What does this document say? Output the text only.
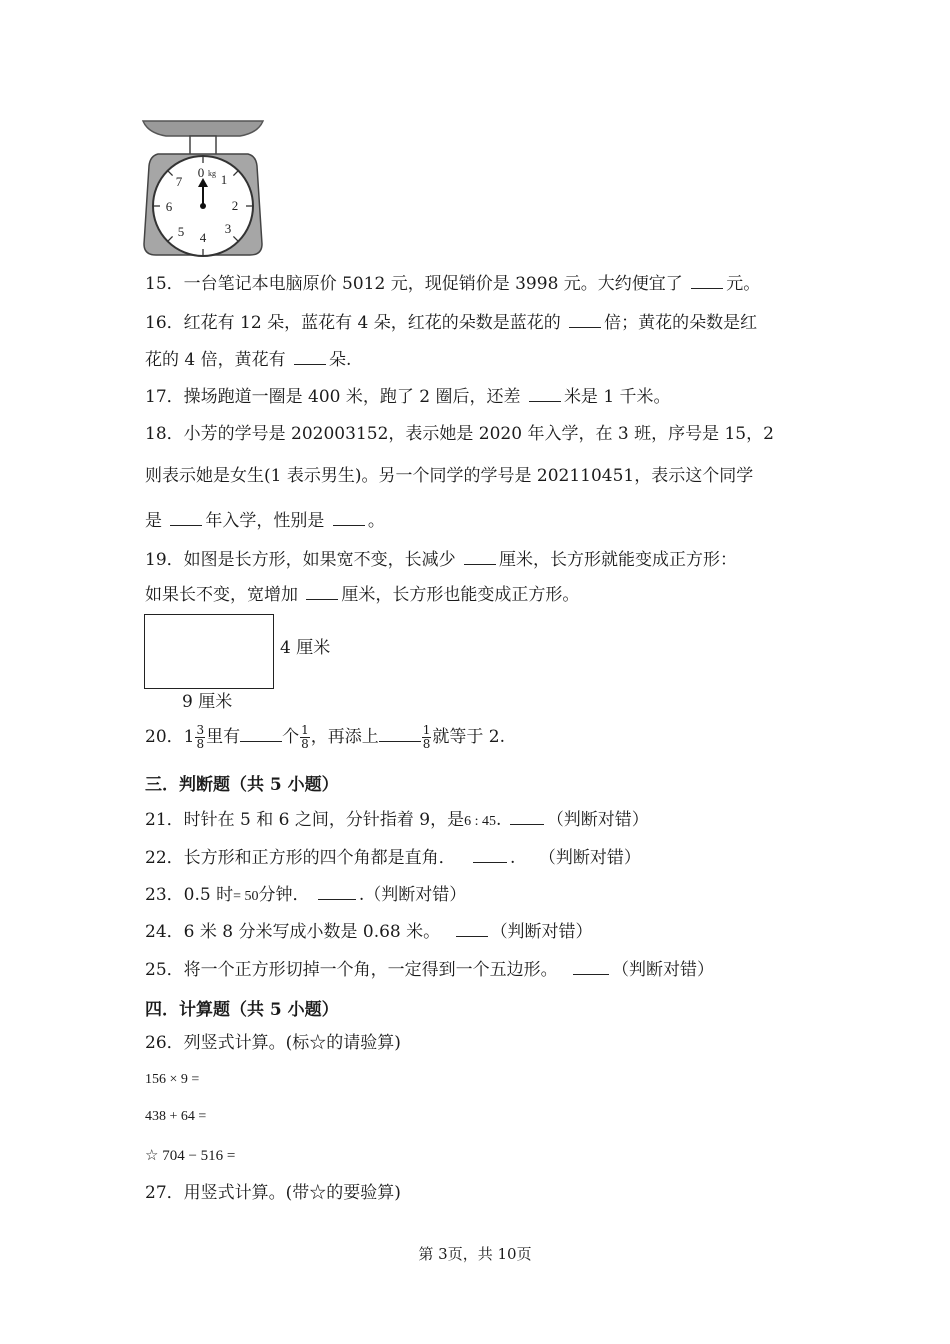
0 kg 1
2
3
4
5
6
7
15．一台笔记本电脑原价 5012 元，现促销价是 3998 元。大约便宜了	元。
16．红花有 12 朵，蓝花有 4 朵，红花的朵数是蓝花的	倍；黄花的朵数是红
花的 4 倍，黄花有	朵.
17．操场跑道一圈是 400 米，跑了 2 圈后，还差	米是 1 千米。
18．小芳的学号是 202003152，表示她是 2020 年入学，在 3 班，序号是 15，2
则表示她是女生(1 表示男生)。另一个同学的学号是 202110451，表示这个同学
是	年入学，性别是	。
19．如图是长方形，如果宽不变，长减少	厘米，长方形就能变成正方形：
如果长不变，宽增加	厘米，长方形也能变成正方形。
4 厘米
9 厘米
20．$1 \frac{3}{8}$ 里有 个 $\frac{1}{8}$ ，再添上	$\frac{1}{8}$ 就等于 2.
三．判断题（共 5 小题）
21．时针在 5 和 6 之间，分针指着 9，是6 : 45.	（判断对错）
22．长方形和正方形的四个角都是直角．	. （判断对错）
23．0.5 时= 50分钟．	.（判断对错）
24．6 米 8 分米写成小数是 0.68 米。	（判断对错）
25．将一个正方形切掉一个角，一定得到一个五边形。	（判断对错）
四．计算题（共 5 小题）
26．列竖式计算。(标☆的请验算)
156 × 9 =
438 + 64 =
☆ 704 − 516 =
27．用竖式计算。(带☆的要验算)
第 3页，共 10页
